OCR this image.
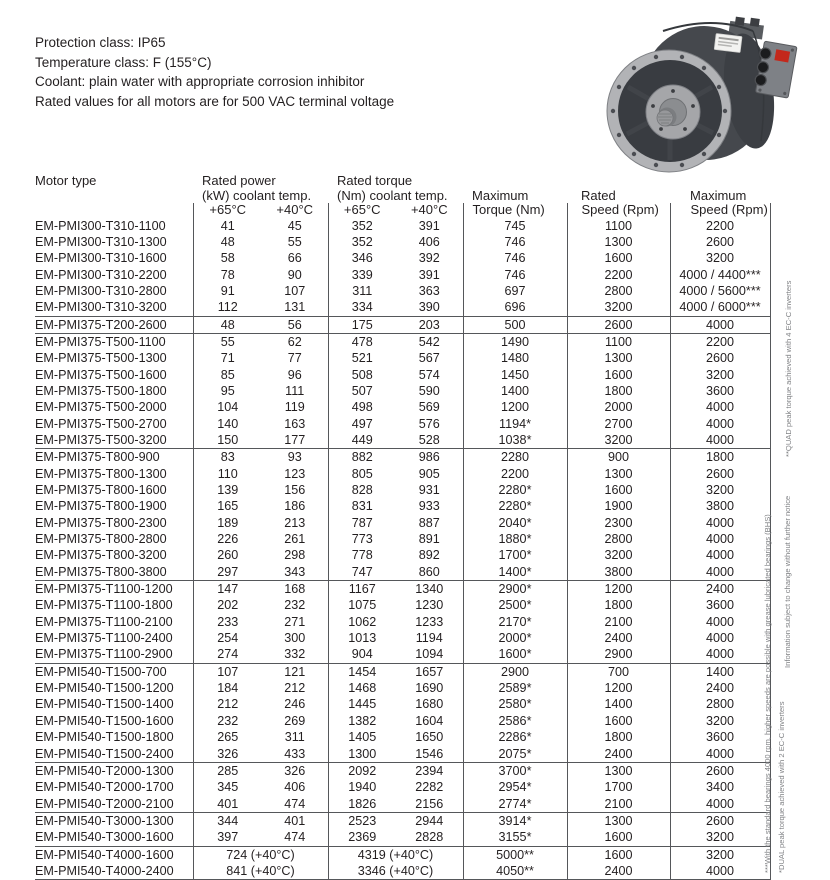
Protection class: IP65
Temperature class: F (155°C)
Coolant: plain water with appropriate corrosion inhibitor
Rated values for all motors are for 500 VAC terminal voltage
Motor type	Rated power		Rated torque				
	(kW) coolant temp.		(Nm) coolant temp.		Maximum	Rated	Maximum
	+65°C	+40°C	+65°C	+40°C	Torque (Nm)	Speed (Rpm)	Speed (Rpm)
EM-PMI300-T310-1100	41	45	352	391	745	1100	2200
EM-PMI300-T310-1300	48	55	352	406	746	1300	2600
EM-PMI300-T310-1600	58	66	346	392	746	1600	3200
EM-PMI300-T310-2200	78	90	339	391	746	2200	4000 / 4400***
EM-PMI300-T310-2800	91	107	311	363	697	2800	4000 / 5600***
EM-PMI300-T310-3200	112	131	334	390	696	3200	4000 / 6000***
EM-PMI375-T200-2600	48	56	175	203	500	2600	4000
EM-PMI375-T500-1100	55	62	478	542	1490	1100	2200
EM-PMI375-T500-1300	71	77	521	567	1480	1300	2600
EM-PMI375-T500-1600	85	96	508	574	1450	1600	3200
EM-PMI375-T500-1800	95	111	507	590	1400	1800	3600
EM-PMI375-T500-2000	104	119	498	569	1200	2000	4000
EM-PMI375-T500-2700	140	163	497	576	1194*	2700	4000
EM-PMI375-T500-3200	150	177	449	528	1038*	3200	4000
EM-PMI375-T800-900	83	93	882	986	2280	900	1800
EM-PMI375-T800-1300	110	123	805	905	2200	1300	2600
EM-PMI375-T800-1600	139	156	828	931	2280*	1600	3200
EM-PMI375-T800-1900	165	186	831	933	2280*	1900	3800
EM-PMI375-T800-2300	189	213	787	887	2040*	2300	4000
EM-PMI375-T800-2800	226	261	773	891	1880*	2800	4000
EM-PMI375-T800-3200	260	298	778	892	1700*	3200	4000
EM-PMI375-T800-3800	297	343	747	860	1400*	3800	4000
EM-PMI375-T1100-1200	147	168	1167	1340	2900*	1200	2400
EM-PMI375-T1100-1800	202	232	1075	1230	2500*	1800	3600
EM-PMI375-T1100-2100	233	271	1062	1233	2170*	2100	4000
EM-PMI375-T1100-2400	254	300	1013	1194	2000*	2400	4000
EM-PMI375-T1100-2900	274	332	904	1094	1600*	2900	4000
EM-PMI540-T1500-700	107	121	1454	1657	2900	700	1400
EM-PMI540-T1500-1200	184	212	1468	1690	2589*	1200	2400
EM-PMI540-T1500-1400	212	246	1445	1680	2580*	1400	2800
EM-PMI540-T1500-1600	232	269	1382	1604	2586*	1600	3200
EM-PMI540-T1500-1800	265	311	1405	1650	2286*	1800	3600
EM-PMI540-T1500-2400	326	433	1300	1546	2075*	2400	4000
EM-PMI540-T2000-1300	285	326	2092	2394	3700*	1300	2600
EM-PMI540-T2000-1700	345	406	1940	2282	2954*	1700	3400
EM-PMI540-T2000-2100	401	474	1826	2156	2774*	2100	4000
EM-PMI540-T3000-1300	344	401	2523	2944	3914*	1300	2600
EM-PMI540-T3000-1600	397	474	2369	2828	3155*	1600	3200
EM-PMI540-T4000-1600	724 (+40°C)		4319 (+40°C)		5000**	1600	3200
EM-PMI540-T4000-2400	841 (+40°C)		3346 (+40°C)		4050**	2400	4000
**QUAD peak torque achieved with 4 EC-C inverters
Information subject to change without further notice
*DUAL peak torque achieved with 2 EC-C inverters
***With the standard bearings 4000 rpm, higher speeds are possible with grease lubricated bearings (BHS)
